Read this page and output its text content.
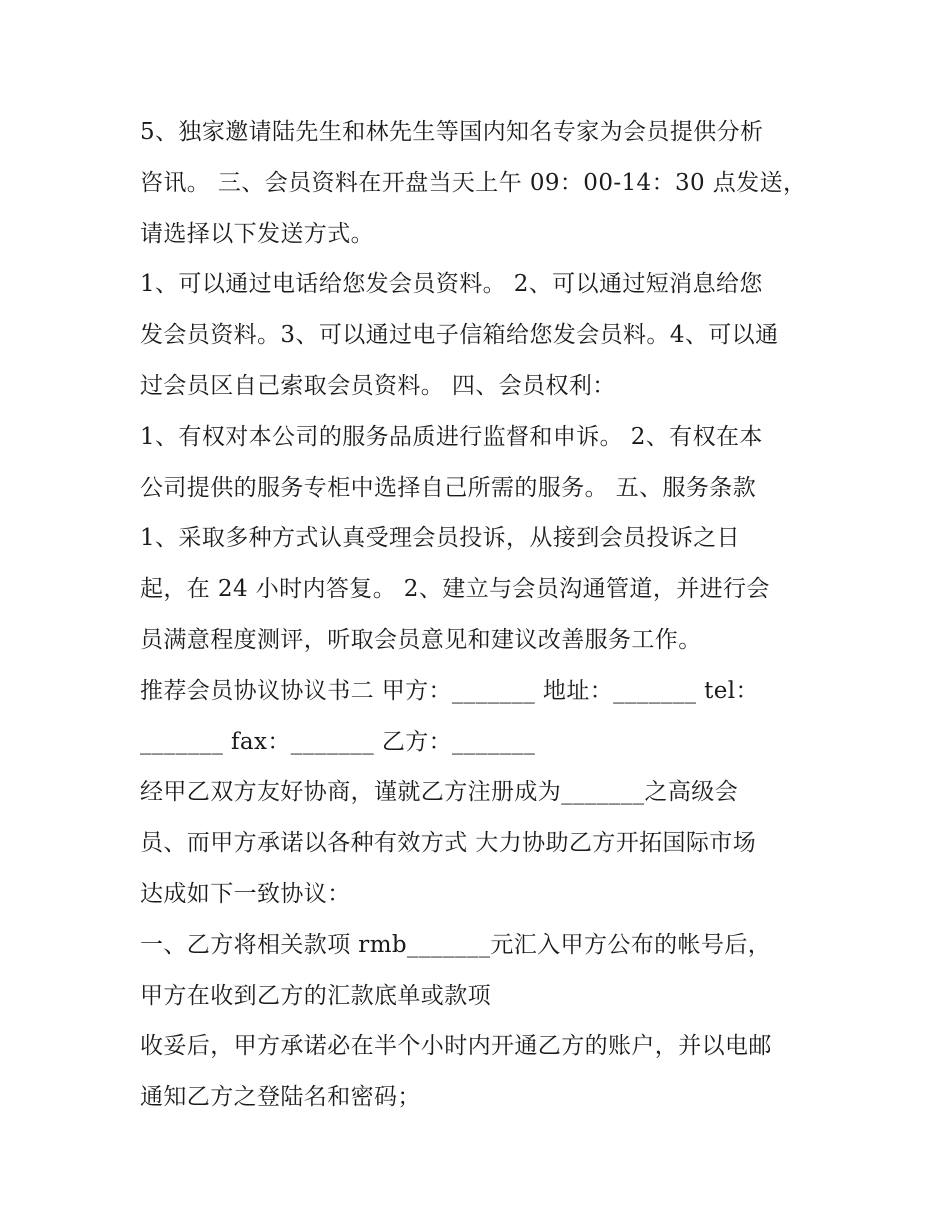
5、独家邀请陆先生和林先生等国内知名专家为会员提供分析
咨讯。 三、会员资料在开盘当天上午 09：00-14：30 点发送，
请选择以下发送方式。
1、可以通过电话给您发会员资料。 2、可以通过短消息给您
发会员资料。3、可以通过电子信箱给您发会员料。4、可以通
过会员区自己索取会员资料。 四、会员权利：
1、有权对本公司的服务品质进行监督和申诉。 2、有权在本
公司提供的服务专柜中选择自己所需的服务。 五、服务条款
1、采取多种方式认真受理会员投诉，从接到会员投诉之日
起，在 24 小时内答复。 2、建立与会员沟通管道，并进行会
员满意程度测评，听取会员意见和建议改善服务工作。
推荐会员协议协议书二 甲方：_______ 地址：_______ tel：
_______ fax：_______ 乙方：_______
经甲乙双方友好协商，谨就乙方注册成为_______之高级会
员、而甲方承诺以各种有效方式 大力协助乙方开拓国际市场
达成如下一致协议：
一、乙方将相关款项 rmb_______元汇入甲方公布的帐号后，
甲方在收到乙方的汇款底单或款项
收妥后，甲方承诺必在半个小时内开通乙方的账户，并以电邮
通知乙方之登陆名和密码；
